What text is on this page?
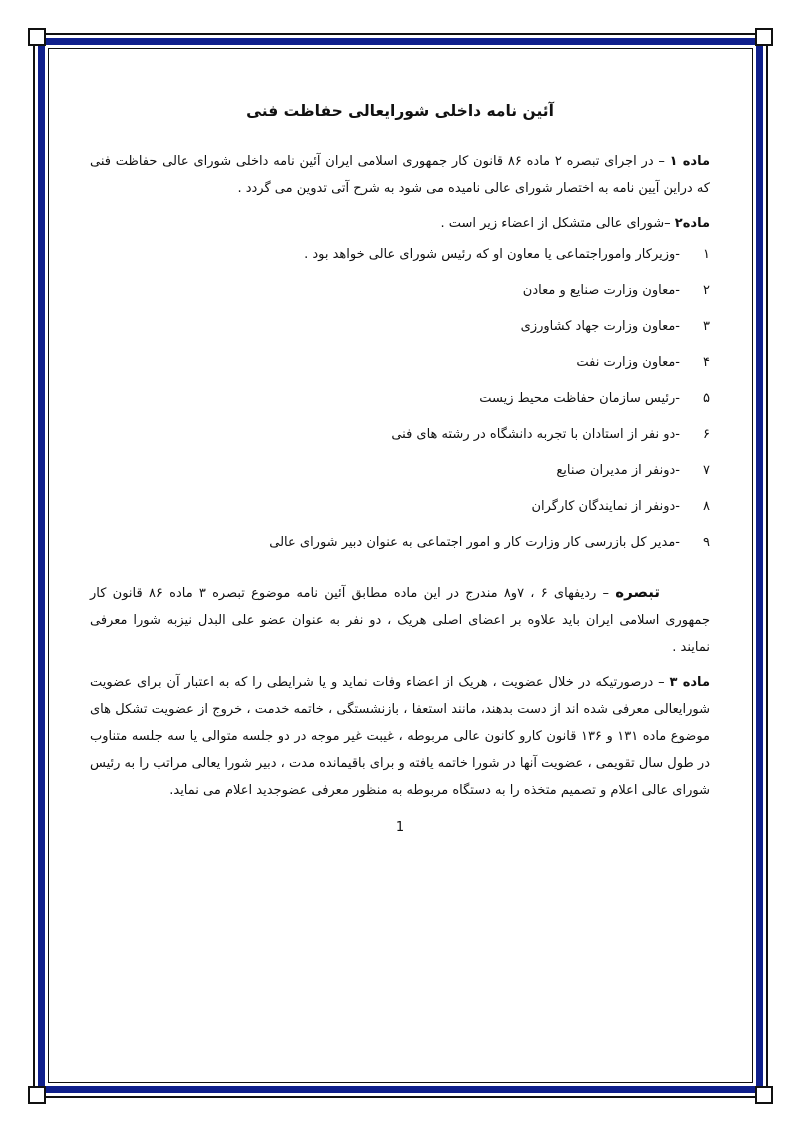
آئین نامه داخلی شورایعالی حفاظت فنی

ماده ۱ – در اجرای تبصره ۲ ماده ۸۶ قانون کار جمهوری اسلامی ایران آئین نامه داخلی شورای عالی حفاظت فنی که دراین آیین نامه به اختصار شورای عالی نامیده می شود به شرح آتی تدوین می گردد .

ماده۲ –شورای عالی متشکل از اعضاء زیر است .

۱
-وزیرکار واموراجتماعی یا معاون او که رئیس شورای عالی خواهد بود .
۲
-معاون وزارت صنایع و معادن
۳
-معاون وزارت جهاد کشاورزی
۴
-معاون وزارت نفت
۵
-رئیس سازمان حفاظت محیط زیست
۶
-دو نفر از استادان با تجربه دانشگاه در رشته های فنی
۷
-دونفر از مدیران صنایع
۸
-دونفر از نمایندگان کارگران
۹
-مدیر کل بازرسی کار وزارت کار و امور اجتماعی به عنوان دبیر شورای عالی

تبصره – ردیفهای ۶ ، ۷و۸ مندرج در این ماده مطابق آئین نامه موضوع تبصره ۳ ماده ۸۶ قانون کار جمهوری اسلامی ایران باید علاوه بر اعضای اصلی هریک ، دو نفر به عنوان عضو علی البدل نیزبه شورا معرفی نمایند .

ماده ۳ – درصورتیکه در خلال عضویت ، هریک از اعضاء وفات نماید و یا شرایطی را که به اعتبار آن برای عضویت شورایعالی معرفی شده اند از دست بدهند، مانند استعفا ، بازنشستگی ، خاتمه خدمت ، خروج از عضویت تشکل های موضوع ماده ۱۳۱ و ۱۳۶ قانون کارو کانون عالی مربوطه ، غیبت غیر موجه در دو جلسه متوالی یا سه جلسه متناوب در طول سال تقویمی ، عضویت آنها در شورا خاتمه یافته و برای باقیمانده مدت ، دبیر شورا یعالی مراتب را به رئیس شورای عالی اعلام و تصمیم متخذه را به دستگاه مربوطه به منظور معرفی عضوجدید اعلام می نماید.

1
